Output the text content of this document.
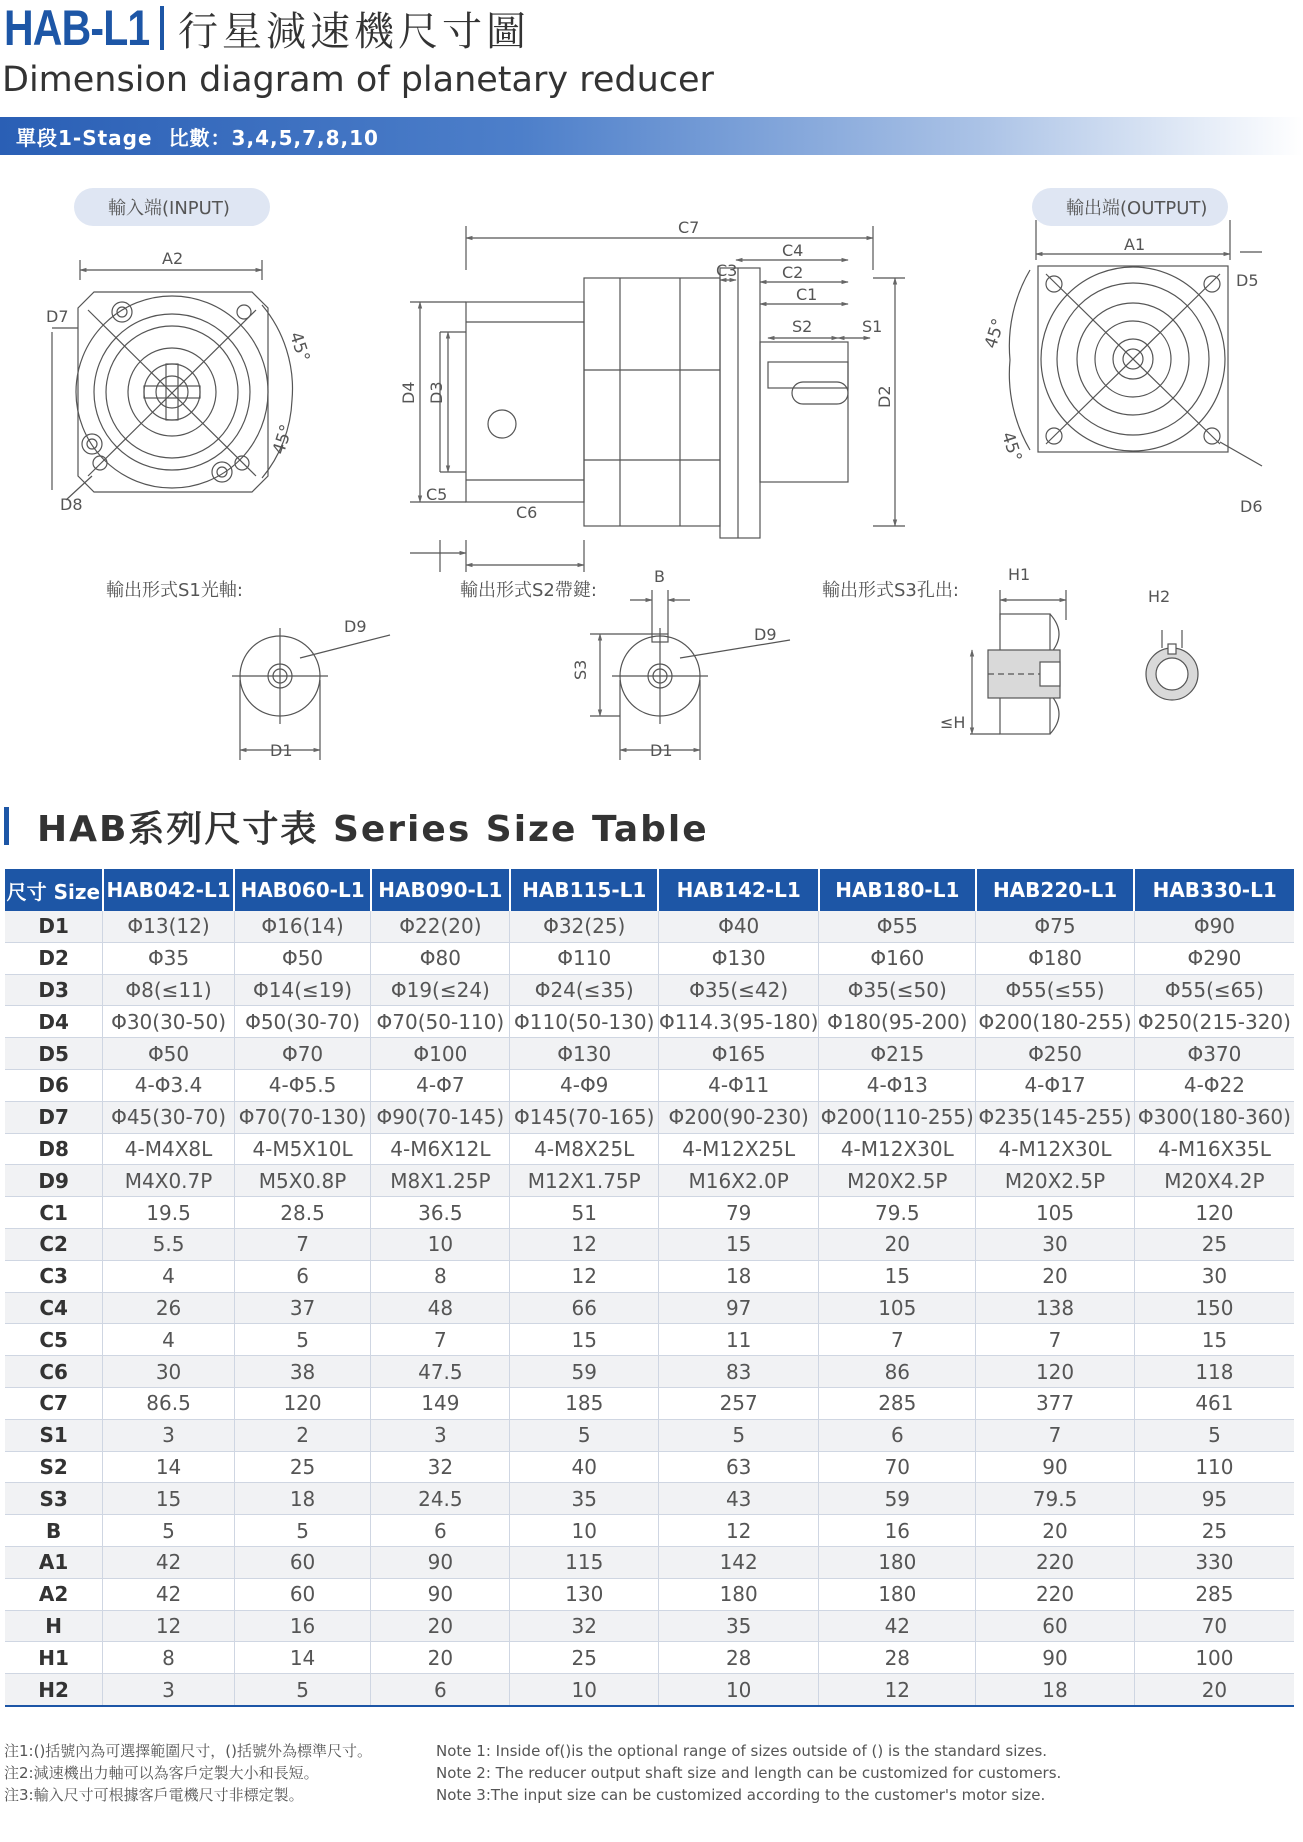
HAB-L1 行星減速機尺寸圖
Dimension diagram of planetary reducer
單段1-Stage 比數：3,4,5,7,8,10
輸入端(INPUT)	輸出端(OUTPUT)
A2
D7
D8
45°
45°
C7
C4
C3	C2
C1
S2	S1
D4 D3	D2
C5
C6
A1
D5
D6
45°
45°
輸出形式S1光軸:	輸出形式S2帶鍵:	輸出形式S3孔出:
D9
D1
B
S3
D9
D1
H1
H2
≤H
HAB系列尺寸表 Series Size Table
尺寸 Size	HAB042-L1	HAB060-L1	HAB090-L1	HAB115-L1	HAB142-L1	HAB180-L1	HAB220-L1	HAB330-L1
D1	Φ13(12)	Φ16(14)	Φ22(20)	Φ32(25)	Φ40	Φ55	Φ75	Φ90
D2	Φ35	Φ50	Φ80	Φ110	Φ130	Φ160	Φ180	Φ290
D3	Φ8(≤11)	Φ14(≤19)	Φ19(≤24)	Φ24(≤35)	Φ35(≤42)	Φ35(≤50)	Φ55(≤55)	Φ55(≤65)
D4	Φ30(30-50)	Φ50(30-70)	Φ70(50-110)	Φ110(50-130)	Φ114.3(95-180)	Φ180(95-200)	Φ200(180-255)	Φ250(215-320)
D5	Φ50	Φ70	Φ100	Φ130	Φ165	Φ215	Φ250	Φ370
D6	4-Φ3.4	4-Φ5.5	4-Φ7	4-Φ9	4-Φ11	4-Φ13	4-Φ17	4-Φ22
D7	Φ45(30-70)	Φ70(70-130)	Φ90(70-145)	Φ145(70-165)	Φ200(90-230)	Φ200(110-255)	Φ235(145-255)	Φ300(180-360)
D8	4-M4X8L	4-M5X10L	4-M6X12L	4-M8X25L	4-M12X25L	4-M12X30L	4-M12X30L	4-M16X35L
D9	M4X0.7P	M5X0.8P	M8X1.25P	M12X1.75P	M16X2.0P	M20X2.5P	M20X2.5P	M20X4.2P
C1	19.5	28.5	36.5	51	79	79.5	105	120
C2	5.5	7	10	12	15	20	30	25
C3	4	6	8	12	18	15	20	30
C4	26	37	48	66	97	105	138	150
C5	4	5	7	15	11	7	7	15
C6	30	38	47.5	59	83	86	120	118
C7	86.5	120	149	185	257	285	377	461
S1	3	2	3	5	5	6	7	5
S2	14	25	32	40	63	70	90	110
S3	15	18	24.5	35	43	59	79.5	95
B	5	5	6	10	12	16	20	25
A1	42	60	90	115	142	180	220	330
A2	42	60	90	130	180	180	220	285
H	12	16	20	32	35	42	60	70
H1	8	14	20	25	28	28	90	100
H2	3	5	6	10	10	12	18	20
注1:()括號內為可選擇範圍尺寸，()括號外為標準尺寸。
注2:減速機出力軸可以為客戶定製大小和長短。
注3:輸入尺寸可根據客戶電機尺寸非標定製。
Note 1: Inside of()is the optional range of sizes outside of () is the standard sizes.
Note 2: The reducer output shaft size and length can be customized for customers.
Note 3:The input size can be customized according to the customer's motor size.
